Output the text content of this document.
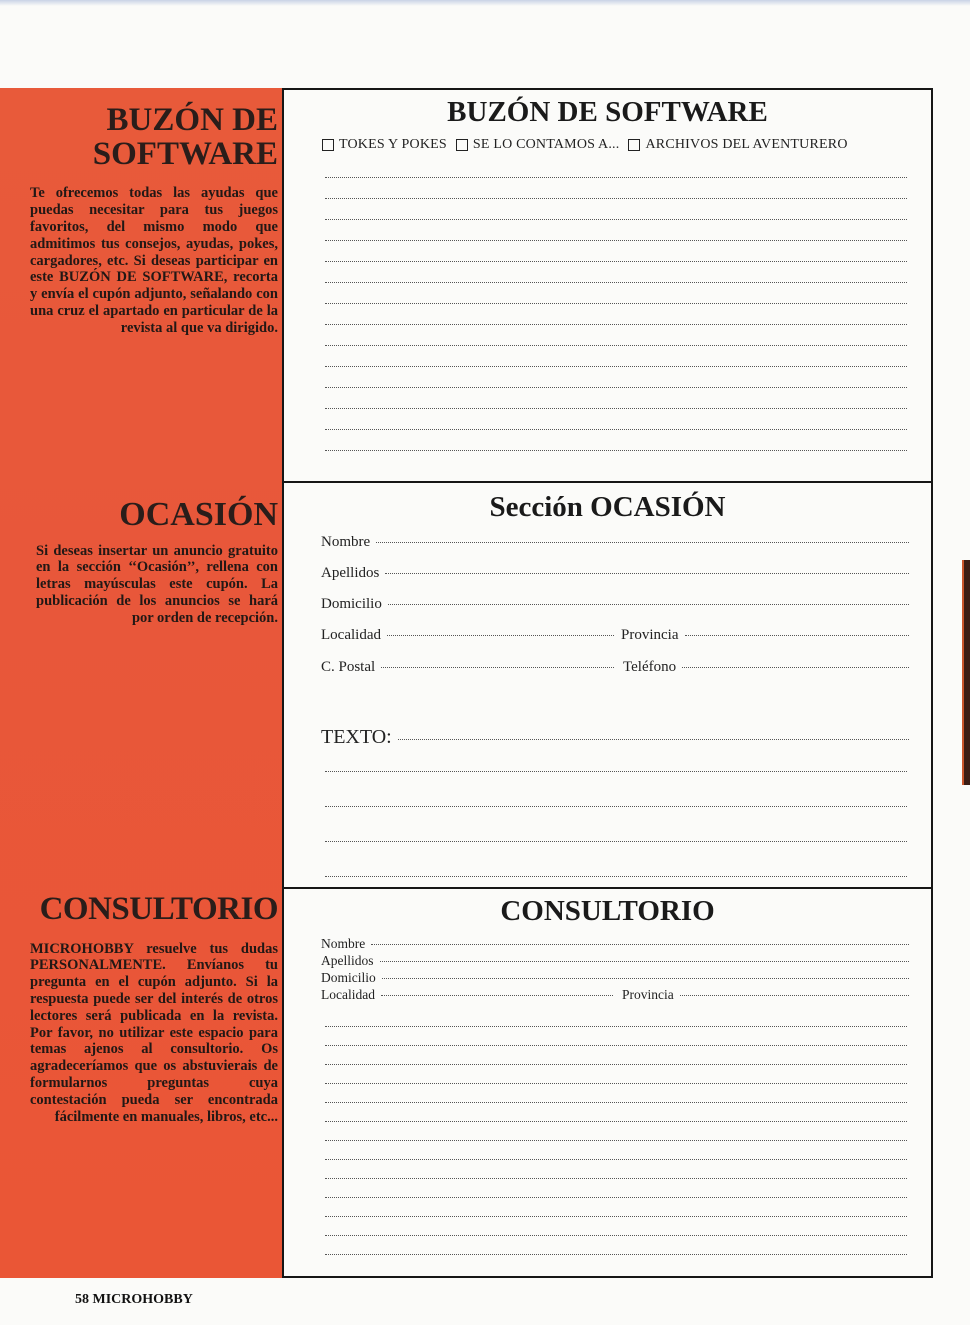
BUZÓN DE
SOFTWARE

Te ofrecemos todas las ayudas que puedas necesitar para tus juegos favoritos, del mismo modo que admitimos tus consejos, ayudas, pokes, cargadores, etc. Si deseas participar en este BUZÓN DE SOFTWARE, recorta y envía el cupón adjunto, señalando con una cruz el apartado en particular de la revista al que va dirigido.

OCASIÓN

Si deseas insertar un anuncio gratuito en la sección ‘‘Ocasión’’, rellena con letras mayúsculas este cupón. La publicación de los anuncios se hará por orden de recepción.

CONSULTORIO

MICROHOBBY resuelve tus dudas PERSONALMENTE. Envíanos tu pregunta en el cupón adjunto. Si la respuesta puede ser del interés de otros lectores será publicada en la revista. Por favor, no utilizar este espacio para temas ajenos al consultorio. Os agradeceríamos que os abstuvierais de formularnos preguntas cuya contestación pueda ser encontrada fácilmente en manuales, libros, etc...

BUZÓN DE SOFTWARE
TOKES Y POKES SE LO CONTAMOS A... ARCHIVOS DEL AVENTURERO
Sección OCASIÓN
Nombre
Apellidos
Domicilio
Localidad	Provincia
C. Postal	Teléfono
TEXTO:
CONSULTORIO
Nombre
Apellidos
Domicilio
Localidad	Provincia
58 MICROHOBBY
